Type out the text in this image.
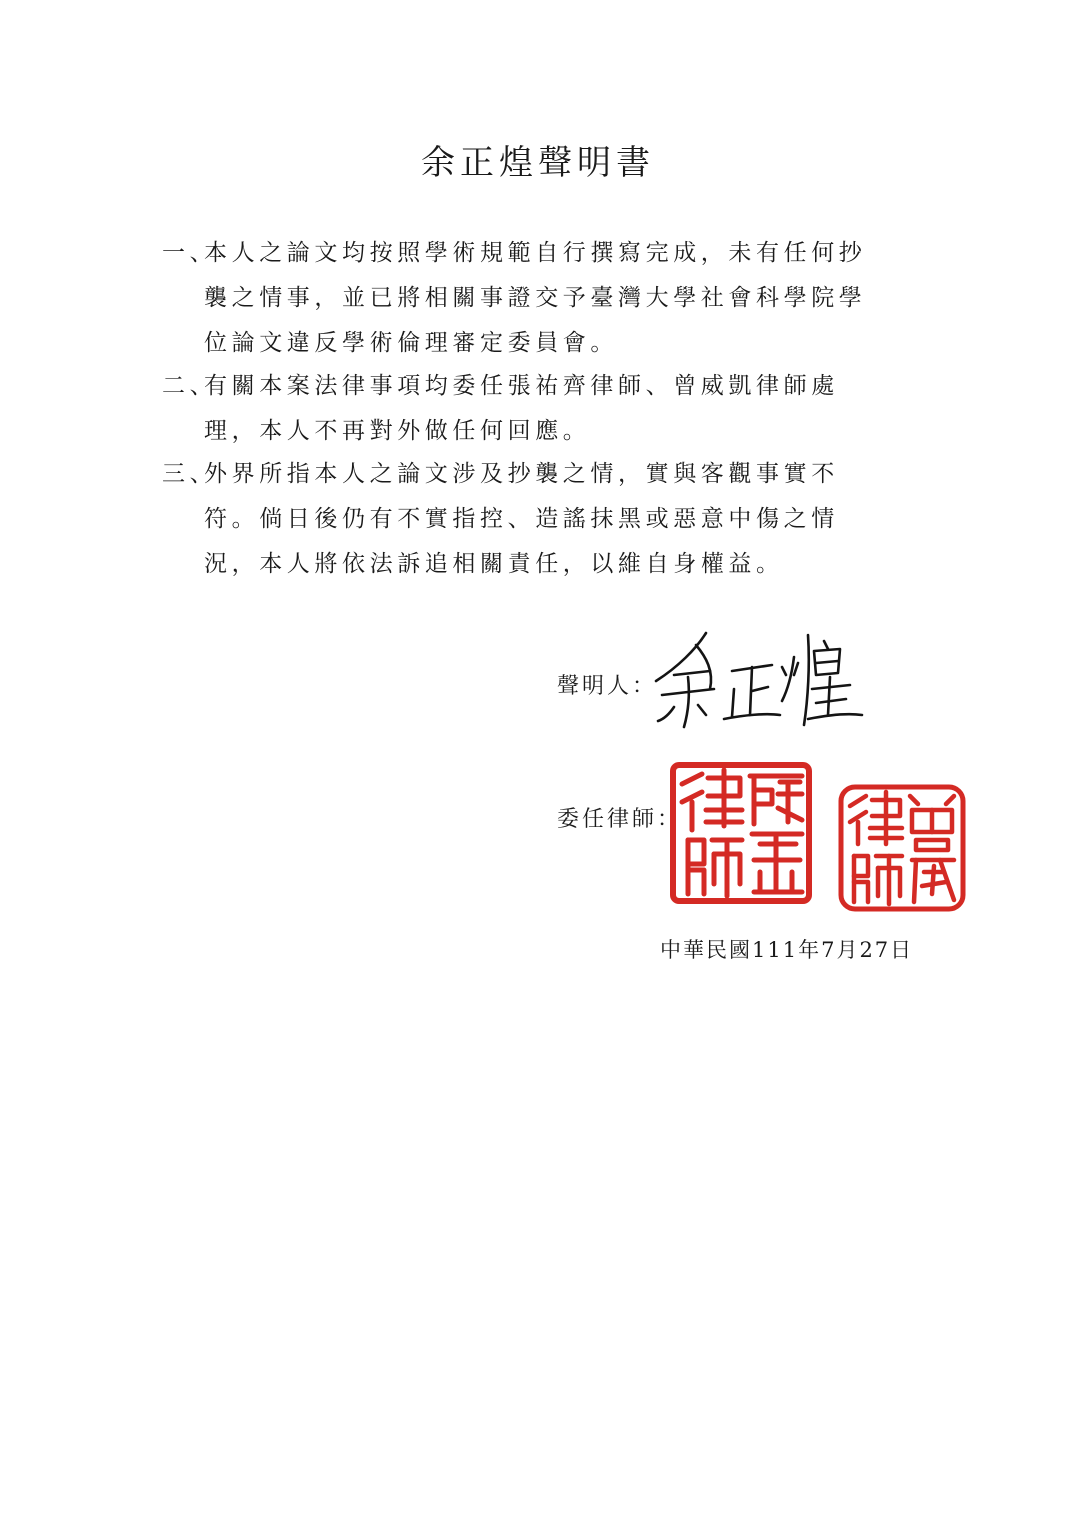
余正煌聲明書
一、
本人之論文均按照學術規範自行撰寫完成，未有任何抄襲之情事，並已將相關事證交予臺灣大學社會科學院學位論文違反學術倫理審定委員會。
二、
有關本案法律事項均委任張祐齊律師、曾威凱律師處理，本人不再對外做任何回應。
三、
外界所指本人之論文涉及抄襲之情，實與客觀事實不符。倘日後仍有不實指控、造謠抹黑或惡意中傷之情況，本人將依法訴追相關責任，以維自身權益。
聲明人：
委任律師：
中華民國111年7月27日
